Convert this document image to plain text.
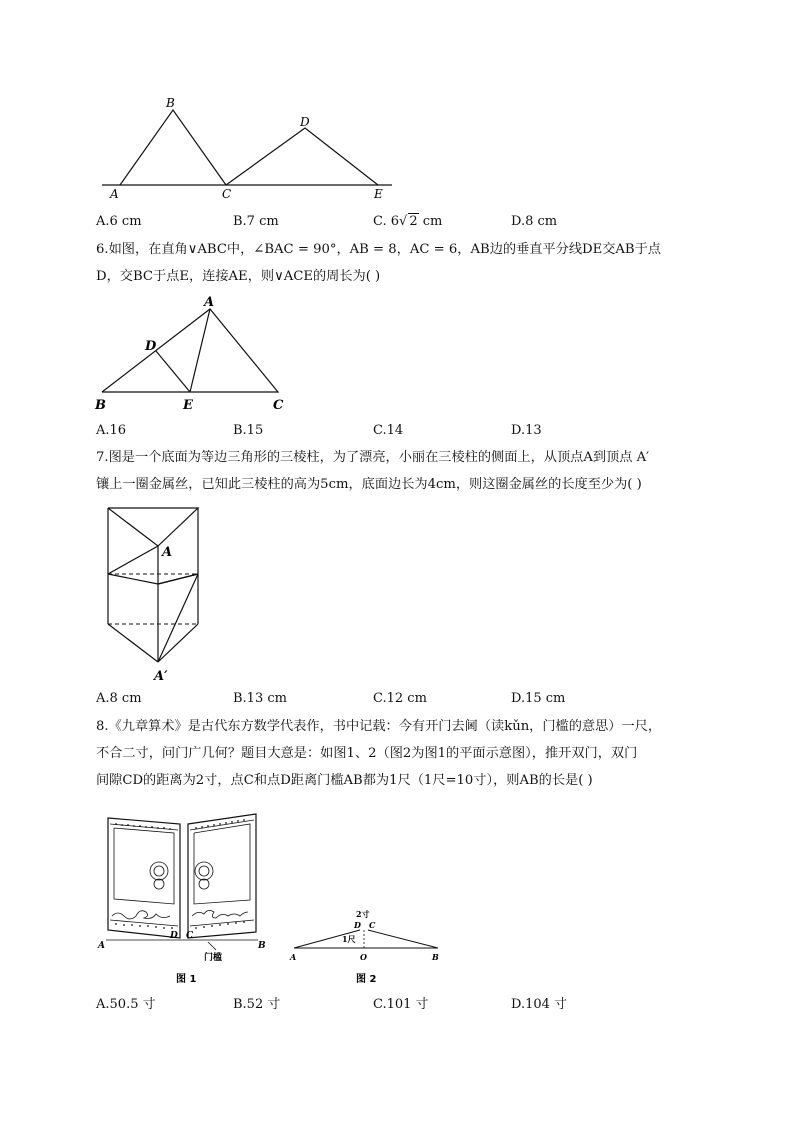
B
A	C
D
E
A.6 cm	B.7 cm	C. 6√ 2 cm	D.8 cm
6.如图，在直角∨ABC中，∠BAC = 90°，AB = 8，AC = 6，AB边的垂直平分线DE交AB于点
D，交BC于点E，连接AE，则∨ACE的周长为( )
A
D
B	E	C
A.16	B.15	C.14	D.13
7.图是一个底面为等边三角形的三棱柱，为了漂亮，小丽在三棱柱的侧面上，从顶点A到顶点 A′
镶上一圈金属丝，已知此三棱柱的高为5cm，底面边长为4cm，则这圈金属丝的长度至少为( )
A
A′
A.8 cm	B.13 cm	C.12 cm	D.15 cm
8.《九章算术》是古代东方数学代表作，书中记载：今有开门去阃（读kǔn，门槛的意思）一尺，
不合二寸，问门广几何？题目大意是：如图1、2（图2为图1的平面示意图），推开双门，双门
间隙CD的距离为2寸，点C和点D距离门槛AB都为1尺（1尺=10寸），则AB的长是( )
A
D C
B
门槛
图 1
2寸
D C
1尺
A	O	B
图 2
A.50.5 寸	B.52 寸	C.101 寸	D.104 寸
